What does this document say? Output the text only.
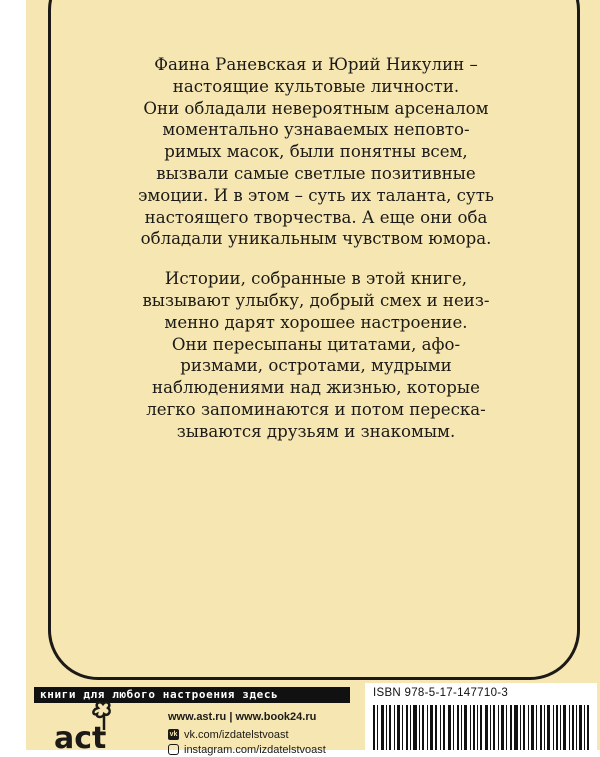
Фаина Раневская и Юрий Никулин –
настоящие культовые личности.
Они обладали невероятным арсеналом
моментально узнаваемых неповто-
римых масок, были понятны всем,
вызвали самые светлые позитивные
эмоции. И в этом – суть их таланта, суть
настоящего творчества. А еще они оба
обладали уникальным чувством юмора.

Истории, собранные в этой книге,
вызывают улыбку, добрый смех и неиз-
менно дарят хорошее настроение.
Они пересыпаны цитатами, афо-
ризмами, остротами, мудрыми
наблюдениями над жизнью, которые
легко запоминаются и потом переска-
зываются друзьям и знакомым.

книги для любого настроения здесь
act
www.ast.ru | www.book24.ru
vk vk.com/izdatelstvoast
instagram.com/izdatelstvoast
ISBN 978-5-17-147710-3
